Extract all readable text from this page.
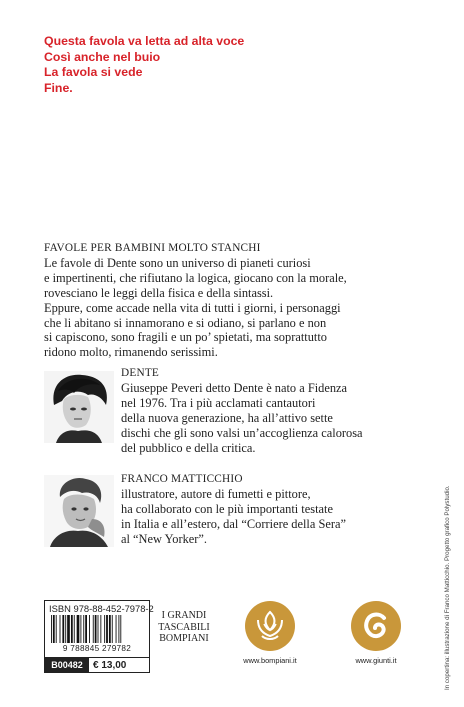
Questa favola va letta ad alta voce
Così anche nel buio
La favola si vede
Fine.

FAVOLE PER BAMBINI MOLTO STANCHI

Le favole di Dente sono un universo di pianeti curiosi

e impertinenti, che rifiutano la logica, giocano con la morale,

rovesciano le leggi della fisica e della sintassi.

Eppure, come accade nella vita di tutti i giorni, i personaggi

che li abitano si innamorano e si odiano, si parlano e non

si capiscono, sono fragili e un po’ spietati, ma soprattutto

ridono molto, rimanendo serissimi.

DENTE
Giuseppe Peveri detto Dente è nato a Fidenza
nel 1976. Tra i più acclamati cantautori
della nuova generazione, ha all’attivo sette
dischi che gli sono valsi un’accoglienza calorosa
del pubblico e della critica.
FRANCO MATTICCHIO
illustratore, autore di fumetti e pittore,
ha collaborato con le più importanti testate
in Italia e all’estero, dal “Corriere della Sera”
al “New Yorker”.
ISBN 978-88-452-7978-2
9 788845 279782
B00482	€ 13,00
I GRANDI
TASCABILI
BOMPIANI
www.bompiani.it	www.giunti.it	In copertina: illustrazione di Franco Matticchio. Progetto grafico Polystudio.
